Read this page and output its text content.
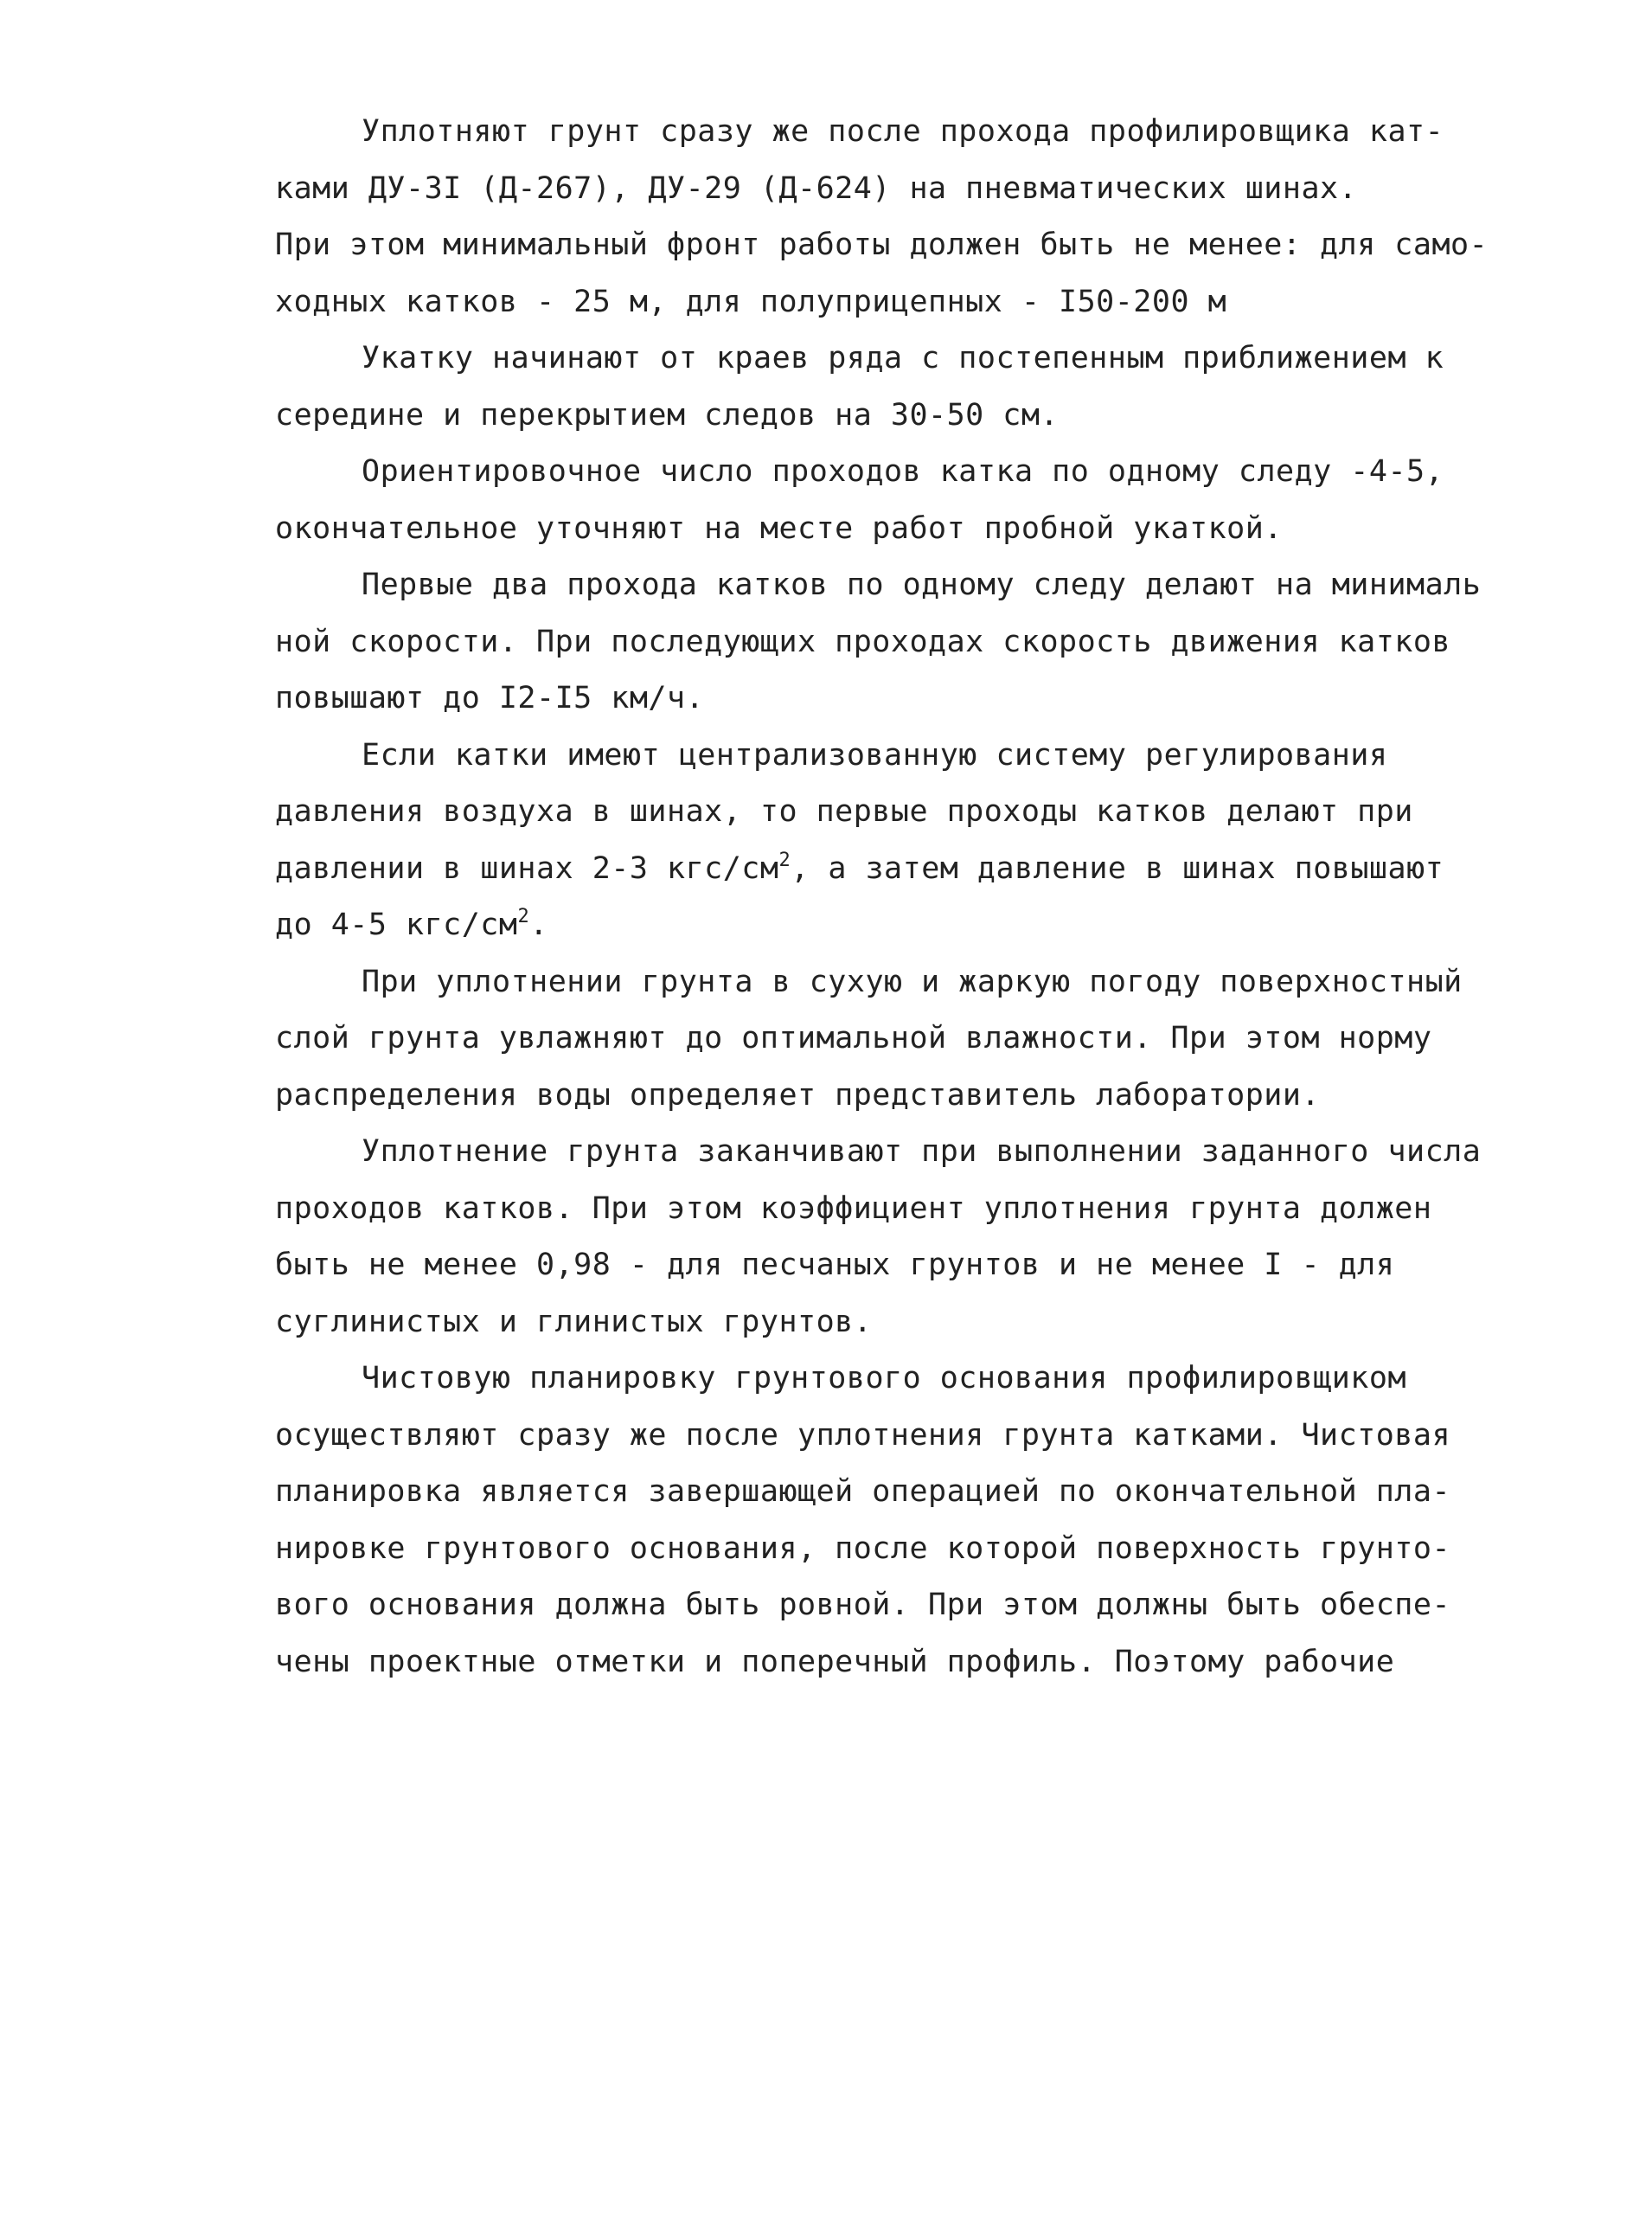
Уплотняют грунт сразу же после прохода профилировщика кат-
ками ДУ-3I (Д-267), ДУ-29 (Д-624) на пневматических шинах.
При этом минимальный фронт работы должен быть не менее: для само-
ходных катков - 25 м, для полуприцепных - I50-200 м
Укатку начинают от краев ряда с постепенным приближением к
середине и перекрытием следов на 30-50 см.
Ориентировочное число проходов катка по одному следу -4-5,
окончательное уточняют на месте работ пробной укаткой.
Первые два прохода катков по одному следу делают на минималь
ной скорости. При последующих проходах скорость движения катков
повышают до I2-I5 км/ч.
Если катки имеют централизованную систему регулирования
давления воздуха в шинах, то первые проходы катков делают при
давлении в шинах 2-3 кгс/$см^2$, а затем давление в шинах повышают
до 4-5 кгс/$см^2$.
При уплотнении грунта в сухую и жаркую погоду поверхностный
слой грунта увлажняют до оптимальной влажности. При этом норму
распределения воды определяет представитель лаборатории.
Уплотнение грунта заканчивают при выполнении заданного числа
проходов катков. При этом коэффициент уплотнения грунта должен
быть не менее 0,98 - для песчаных грунтов и не менее I - для
суглинистых и глинистых грунтов.
Чистовую планировку грунтового основания профилировщиком
осуществляют сразу же после уплотнения грунта катками. Чистовая
планировка является завершающей операцией по окончательной пла-
нировке грунтового основания, после которой поверхность грунто-
вого основания должна быть ровной. При этом должны быть обеспе-
чены проектные отметки и поперечный профиль. Поэтому рабочие
